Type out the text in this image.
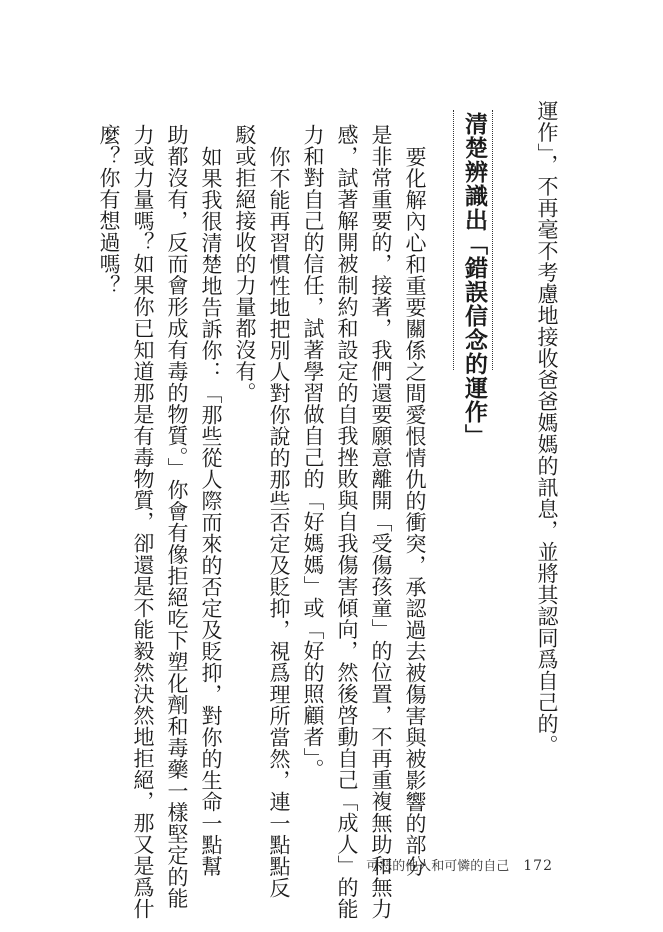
運作」，不再毫不考慮地接收爸爸媽媽的訊息，並將其認同爲自己的。
清楚辨識出「錯誤信念的運作」
要化解內心和重要關係之間愛恨情仇的衝突，承認過去被傷害與被影響的部分
是非常重要的，接著，我們還要願意離開「受傷孩童」的位置，不再重複無助和無力
感，試著解開被制約和設定的自我挫敗與自我傷害傾向，然後啓動自己「成人」的能
力和對自己的信任，試著學習做自己的「好媽媽」或「好的照顧者」。
你不能再習慣性地把別人對你說的那些否定及貶抑，視爲理所當然，連一點點反
駁或拒絕接收的力量都沒有。
如果我很清楚地告訴你：「那些從人際而來的否定及貶抑，對你的生命一點幫
助都沒有，反而會形成有毒的物質。」你會有像拒絕吃下塑化劑和毒藥一樣堅定的能
力或力量嗎？如果你已知道那是有毒物質，卻還是不能毅然決然地拒絕，那又是爲什
麼？你有想過嗎？
可惡的他人和可憐的自己 172
